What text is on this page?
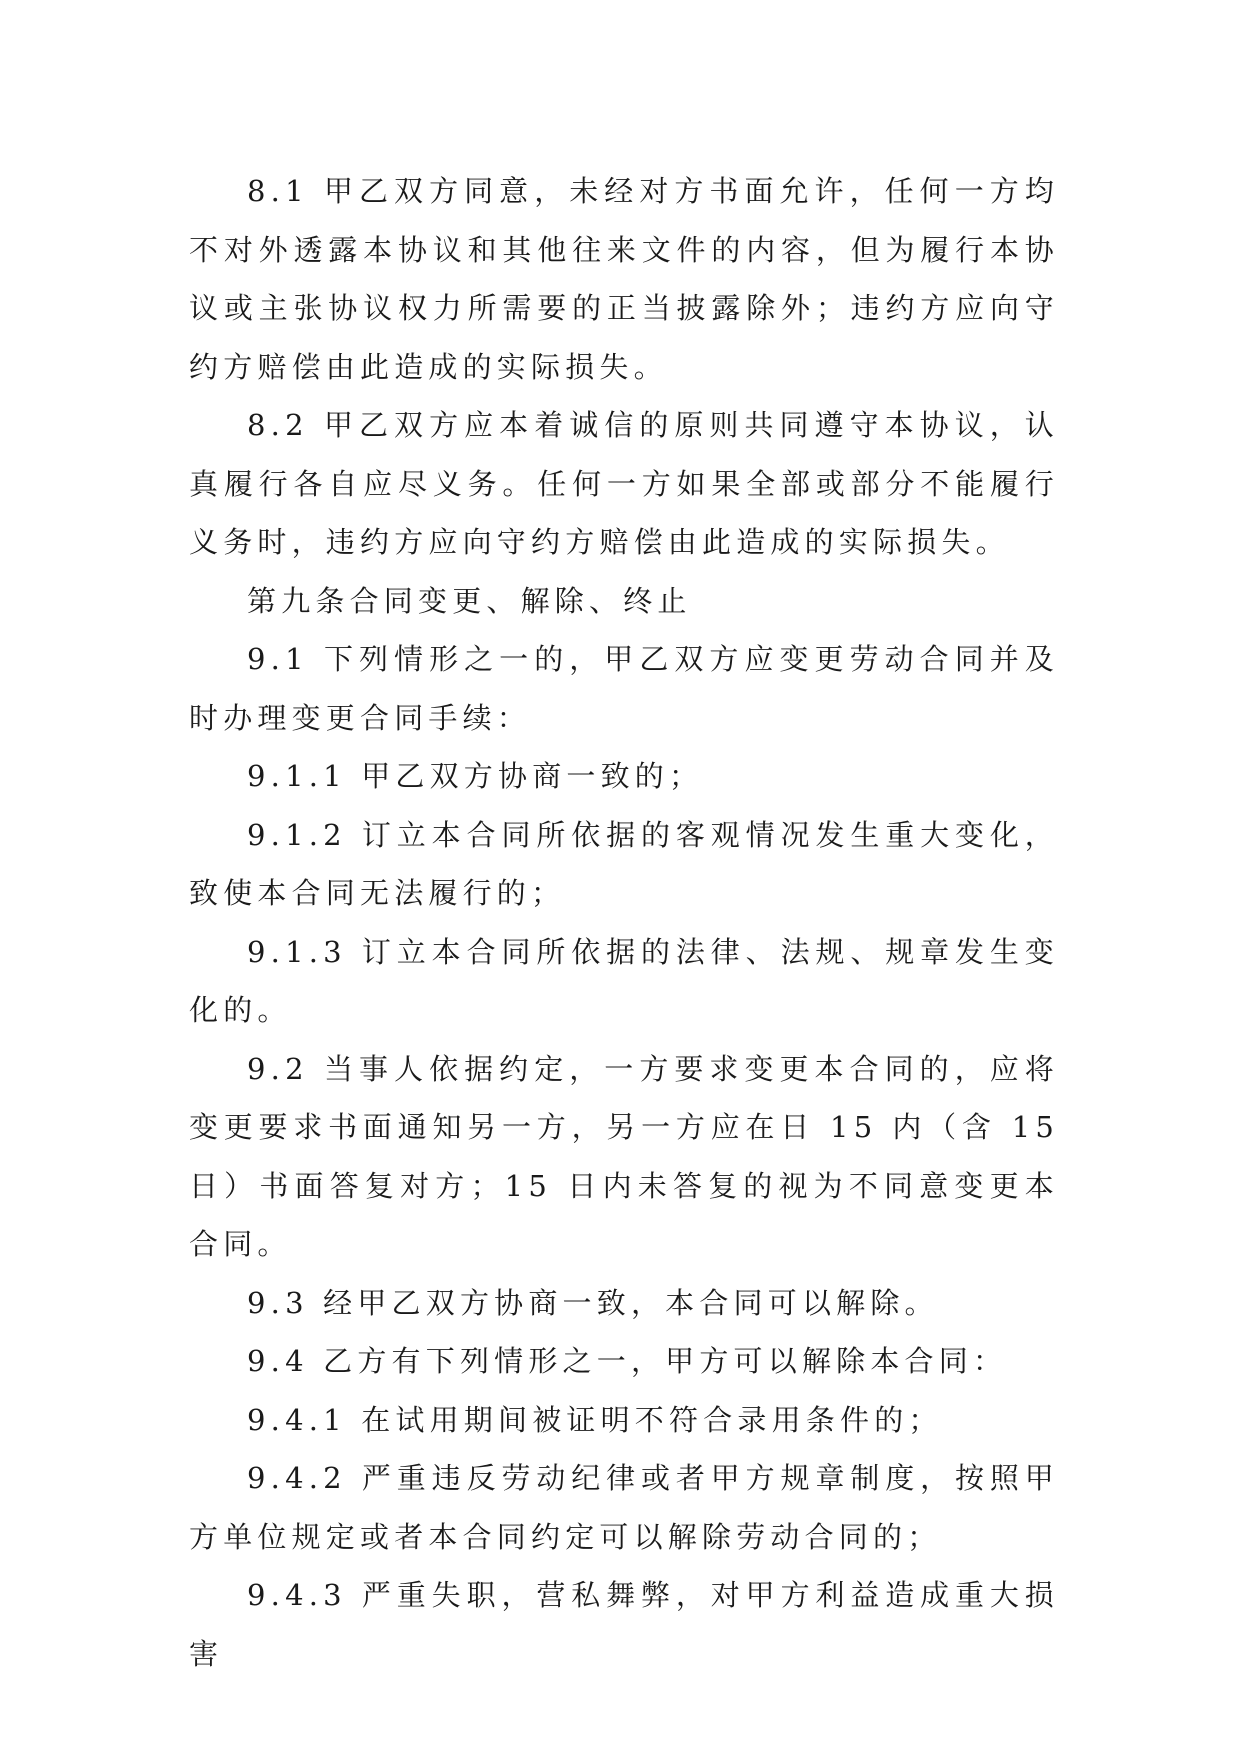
8.1 甲乙双方同意，未经对方书面允许，任何一方均不对外透露本协议和其他往来文件的内容，但为履行本协议或主张协议权力所需要的正当披露除外；违约方应向守约方赔偿由此造成的实际损失。

8.2 甲乙双方应本着诚信的原则共同遵守本协议，认真履行各自应尽义务。任何一方如果全部或部分不能履行义务时，违约方应向守约方赔偿由此造成的实际损失。

第九条合同变更、解除、终止

9.1 下列情形之一的，甲乙双方应变更劳动合同并及时办理变更合同手续：

9.1.1 甲乙双方协商一致的；

9.1.2 订立本合同所依据的客观情况发生重大变化，致使本合同无法履行的；

9.1.3 订立本合同所依据的法律、法规、规章发生变化的。

9.2 当事人依据约定，一方要求变更本合同的，应将变更要求书面通知另一方，另一方应在日 15 内（含 15 日）书面答复对方；15 日内未答复的视为不同意变更本合同。

9.3 经甲乙双方协商一致，本合同可以解除。

9.4 乙方有下列情形之一，甲方可以解除本合同：

9.4.1 在试用期间被证明不符合录用条件的；

9.4.2 严重违反劳动纪律或者甲方规章制度，按照甲方单位规定或者本合同约定可以解除劳动合同的；

9.4.3 严重失职，营私舞弊，对甲方利益造成重大损害
